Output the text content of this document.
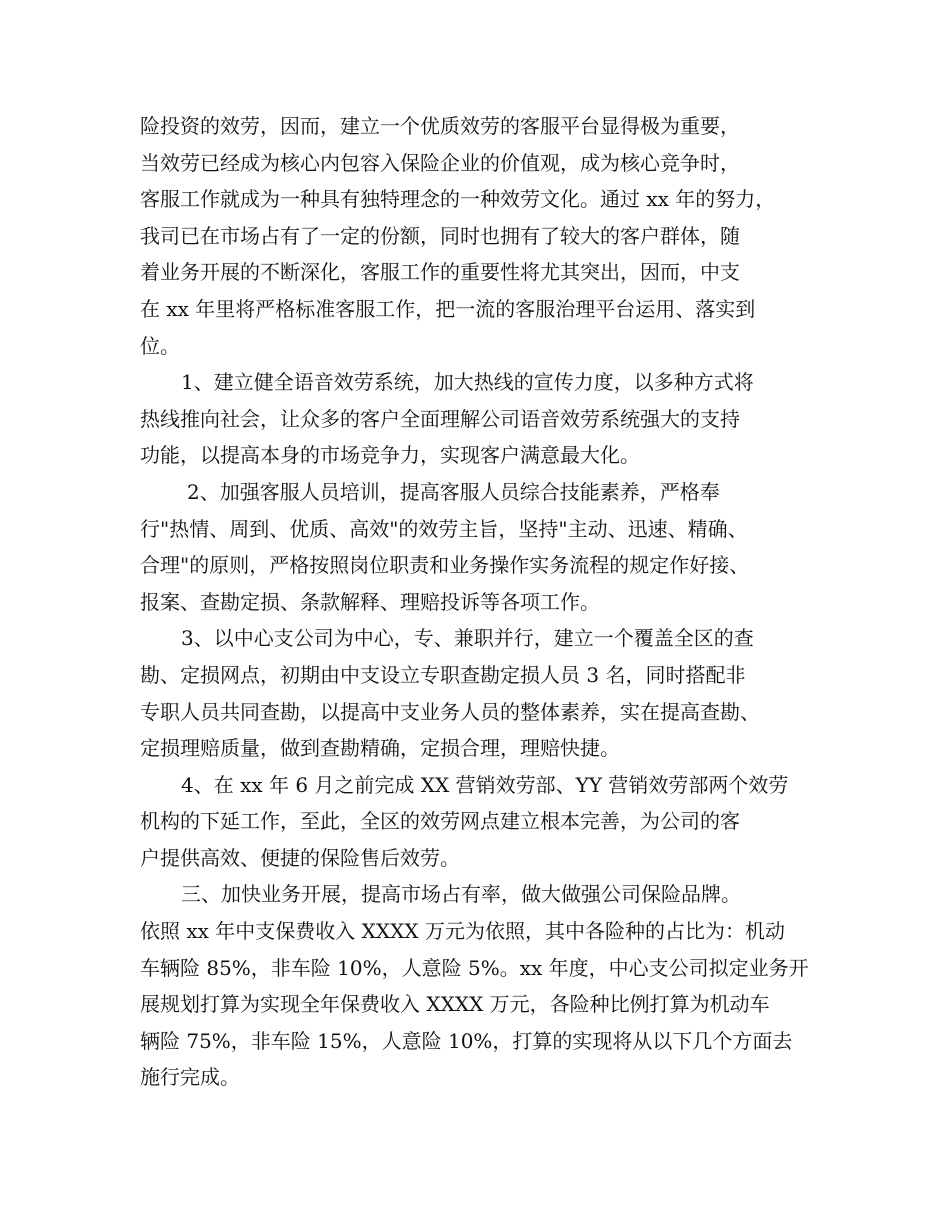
险投资的效劳，因而，建立一个优质效劳的客服平台显得极为重要，
当效劳已经成为核心内包容入保险企业的价值观，成为核心竞争时，
客服工作就成为一种具有独特理念的一种效劳文化。通过 xx 年的努力，
我司已在市场占有了一定的份额，同时也拥有了较大的客户群体，随
着业务开展的不断深化，客服工作的重要性将尤其突出，因而，中支
在 xx 年里将严格标准客服工作，把一流的客服治理平台运用、落实到
位。
1、建立健全语音效劳系统，加大热线的宣传力度，以多种方式将
热线推向社会，让众多的客户全面理解公司语音效劳系统强大的支持
功能，以提高本身的市场竞争力，实现客户满意最大化。
2、加强客服人员培训，提高客服人员综合技能素养，严格奉
行"热情、周到、优质、高效"的效劳主旨，坚持"主动、迅速、精确、
合理"的原则，严格按照岗位职责和业务操作实务流程的规定作好接、
报案、查勘定损、条款解释、理赔投诉等各项工作。
3、以中心支公司为中心，专、兼职并行，建立一个覆盖全区的查
勘、定损网点，初期由中支设立专职查勘定损人员 3 名，同时搭配非
专职人员共同查勘，以提高中支业务人员的整体素养，实在提高查勘、
定损理赔质量，做到查勘精确，定损合理，理赔快捷。
4、在 xx 年 6 月之前完成 XX 营销效劳部、YY 营销效劳部两个效劳
机构的下延工作，至此，全区的效劳网点建立根本完善，为公司的客
户提供高效、便捷的保险售后效劳。
三、加快业务开展，提高市场占有率，做大做强公司保险品牌。
依照 xx 年中支保费收入 XXXX 万元为依照，其中各险种的占比为：机动
车辆险 85%，非车险 10%，人意险 5%。xx 年度，中心支公司拟定业务开
展规划打算为实现全年保费收入 XXXX 万元，各险种比例打算为机动车
辆险 75%，非车险 15%，人意险 10%，打算的实现将从以下几个方面去
施行完成。
